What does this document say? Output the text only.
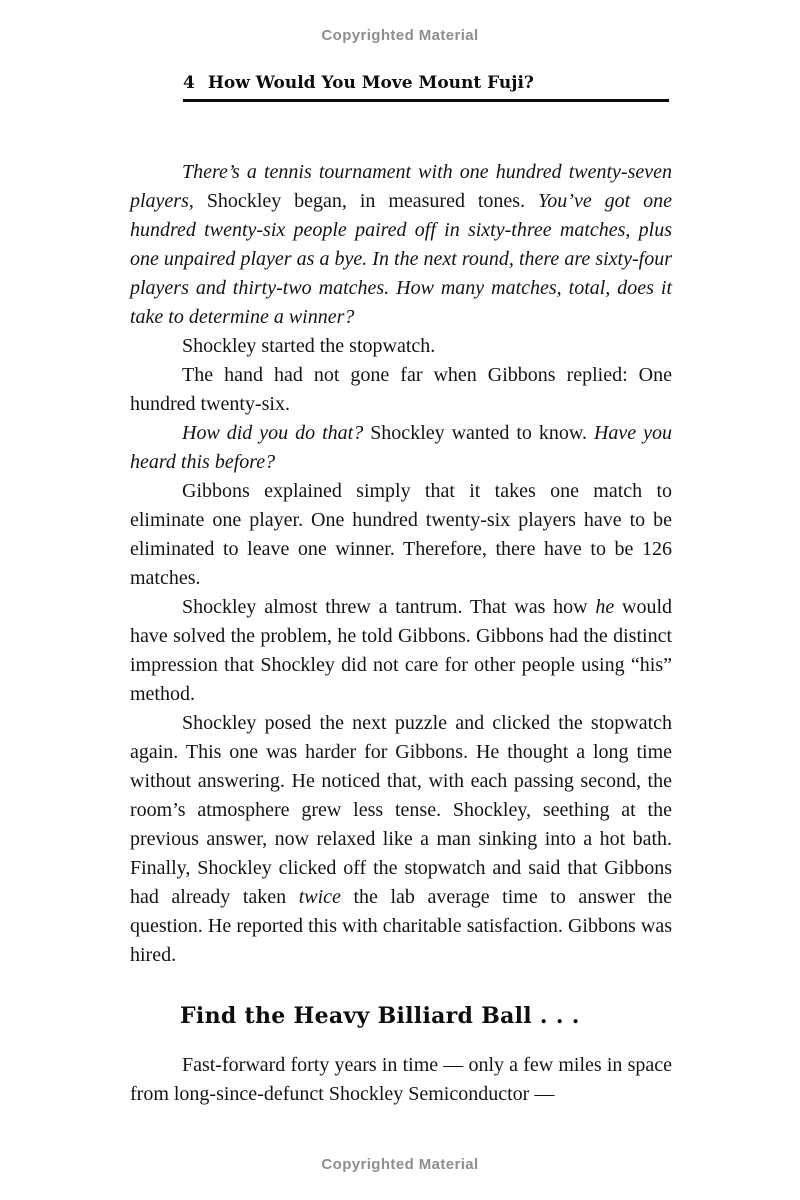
Copyrighted Material
4 How Would You Move Mount Fuji?

There’s a tennis tournament with one hundred twenty-seven players, Shockley began, in measured tones. You’ve got one hundred twenty-six people paired off in sixty-three matches, plus one unpaired player as a bye. In the next round, there are sixty-four players and thirty-two matches. How many matches, total, does it take to determine a winner?

Shockley started the stopwatch.

The hand had not gone far when Gibbons replied: One hundred twenty-six.

How did you do that? Shockley wanted to know. Have you heard this before?

Gibbons explained simply that it takes one match to eliminate one player. One hundred twenty-six players have to be eliminated to leave one winner. Therefore, there have to be 126 matches.

Shockley almost threw a tantrum. That was how he would have solved the problem, he told Gibbons. Gibbons had the distinct impression that Shockley did not care for other people using “his” method.

Shockley posed the next puzzle and clicked the stopwatch again. This one was harder for Gibbons. He thought a long time without answering. He noticed that, with each passing second, the room’s atmosphere grew less tense. Shockley, seething at the previous answer, now relaxed like a man sinking into a hot bath. Finally, Shockley clicked off the stopwatch and said that Gibbons had already taken twice the lab average time to answer the question. He reported this with charitable satisfaction. Gibbons was hired.

Find the Heavy Billiard Ball . . .

Fast-forward forty years in time — only a few miles in space from long-since-defunct Shockley Semiconductor —

Copyrighted Material
